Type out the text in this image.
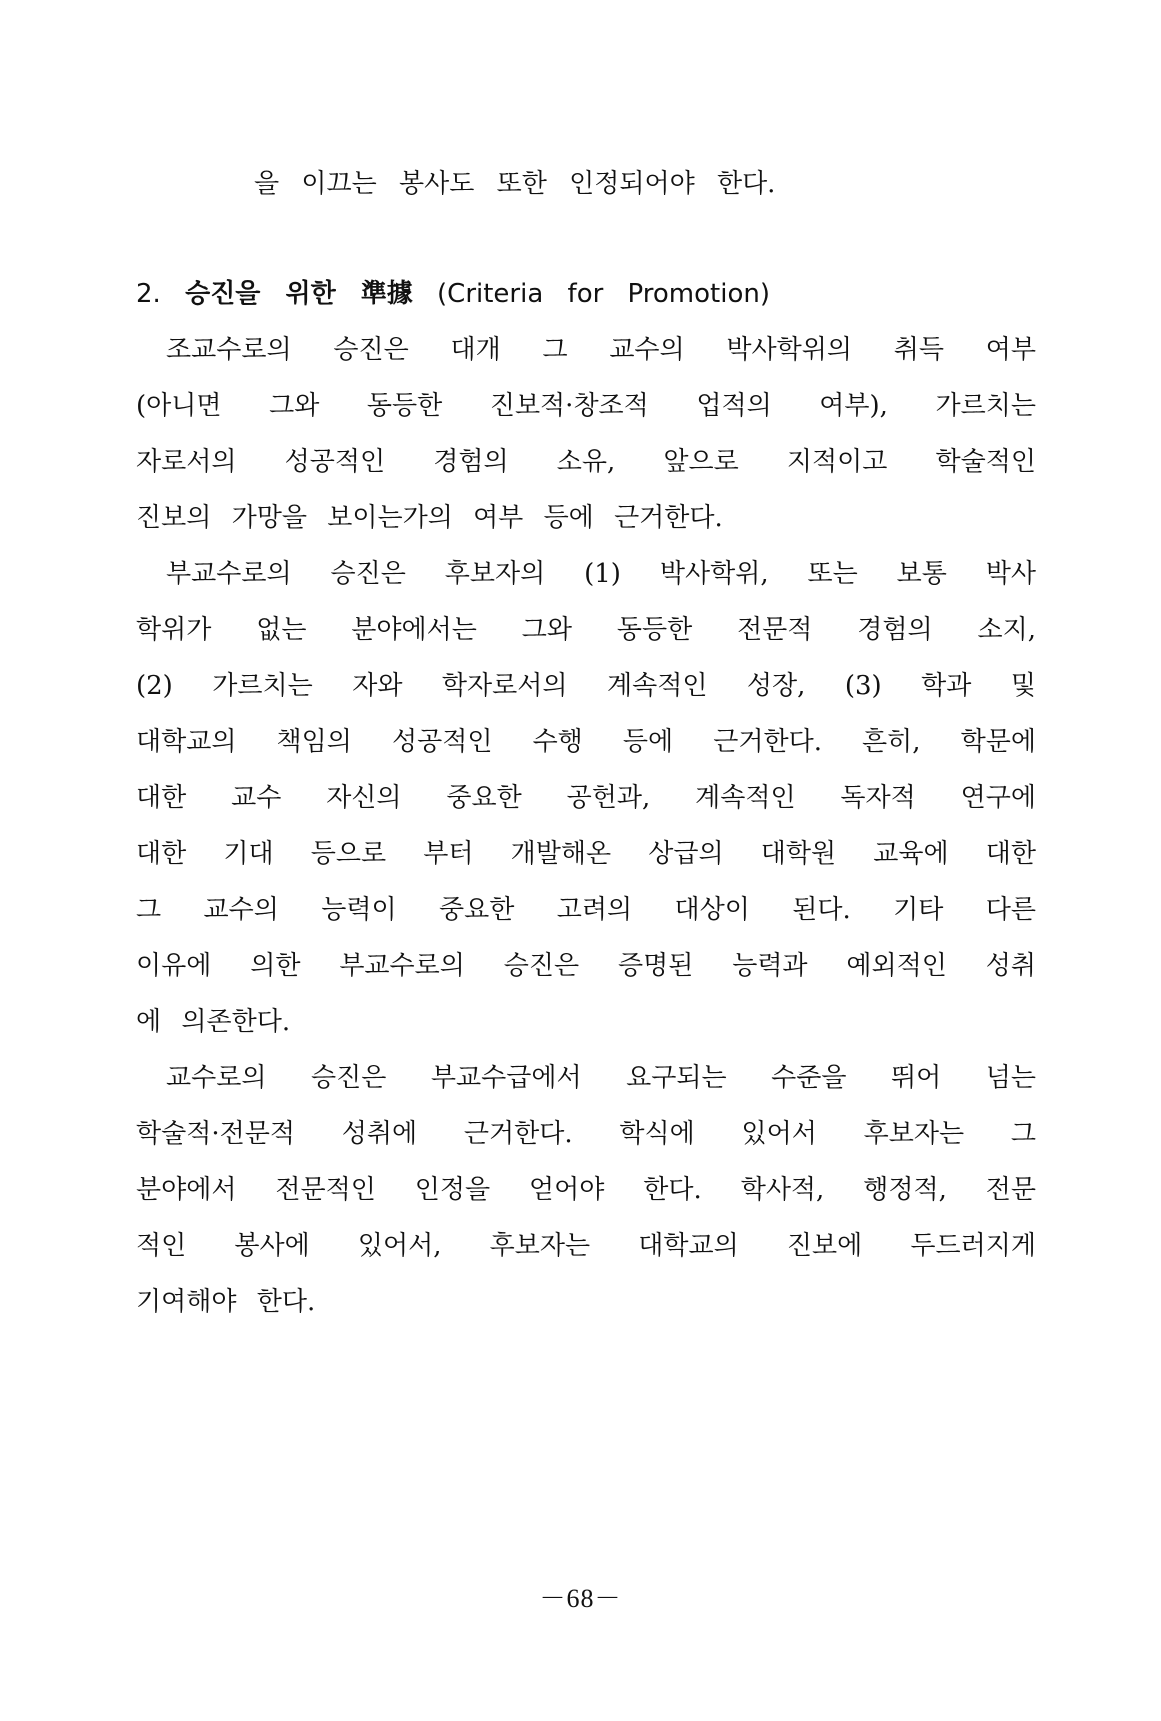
을 이끄는 봉사도 또한 인정되어야 한다.
2. 승진을 위한 準據 (Criteria for Promotion)
조교수로의 승진은 대개 그 교수의 박사학위의 취득 여부
(아니면 그와 동등한 진보적·창조적 업적의 여부), 가르치는
자로서의 성공적인 경험의 소유, 앞으로 지적이고 학술적인
진보의 가망을 보이는가의 여부 등에 근거한다.
부교수로의 승진은 후보자의 (1) 박사학위, 또는 보통 박사
학위가 없는 분야에서는 그와 동등한 전문적 경험의 소지,
(2) 가르치는 자와 학자로서의 계속적인 성장, (3) 학과 및
대학교의 책임의 성공적인 수행 등에 근거한다. 흔히, 학문에
대한 교수 자신의 중요한 공헌과, 계속적인 독자적 연구에
대한 기대 등으로 부터 개발해온 상급의 대학원 교육에 대한
그 교수의 능력이 중요한 고려의 대상이 된다. 기타 다른
이유에 의한 부교수로의 승진은 증명된 능력과 예외적인 성취
에 의존한다.
교수로의 승진은 부교수급에서 요구되는 수준을 뛰어 넘는
학술적·전문적 성취에 근거한다. 학식에 있어서 후보자는 그
분야에서 전문적인 인정을 얻어야 한다. 학사적, 행정적, 전문
적인 봉사에 있어서, 후보자는 대학교의 진보에 두드러지게
기여해야 한다.
－68－
